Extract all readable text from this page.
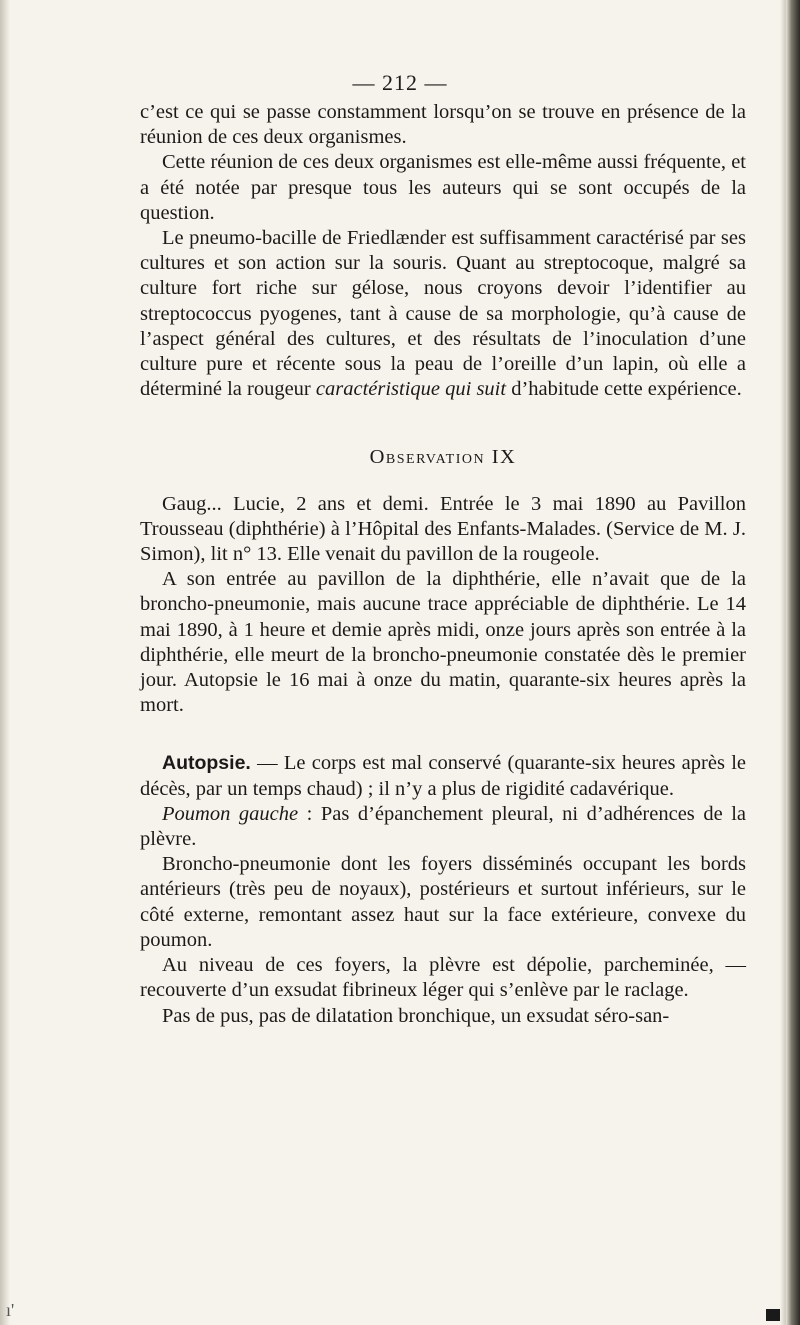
— 212 —

c’est ce qui se passe constamment lorsqu’on se trouve en présence de la réunion de ces deux organismes.

Cette réunion de ces deux organismes est elle-même aussi fréquente, et a été notée par presque tous les auteurs qui se sont occupés de la question.

Le pneumo-bacille de Friedlænder est suffisamment caractérisé par ses cultures et son action sur la souris. Quant au streptocoque, malgré sa culture fort riche sur gélose, nous croyons devoir l’identifier au streptococcus pyogenes, tant à cause de sa morphologie, qu’à cause de l’aspect général des cultures, et des résultats de l’inoculation d’une culture pure et récente sous la peau de l’oreille d’un lapin, où elle a déterminé la rougeur caractéristique qui suit d’habitude cette expérience.

Observation IX

Gaug... Lucie, 2 ans et demi. Entrée le 3 mai 1890 au Pavillon Trousseau (diphthérie) à l’Hôpital des Enfants-Malades. (Service de M. J. Simon), lit n° 13. Elle venait du pavillon de la rougeole.

A son entrée au pavillon de la diphthérie, elle n’avait que de la broncho-pneumonie, mais aucune trace appréciable de diphthérie. Le 14 mai 1890, à 1 heure et demie après midi, onze jours après son entrée à la diphthérie, elle meurt de la broncho-pneumonie constatée dès le premier jour. Autopsie le 16 mai à onze du matin, quarante-six heures après la mort.

Autopsie. — Le corps est mal conservé (quarante-six heures après le décès, par un temps chaud) ; il n’y a plus de rigidité cadavérique.

Poumon gauche : Pas d’épanchement pleural, ni d’adhérences de la plèvre.

Broncho-pneumonie dont les foyers disséminés occupant les bords antérieurs (très peu de noyaux), postérieurs et surtout inférieurs, sur le côté externe, remontant assez haut sur la face extérieure, convexe du poumon.

Au niveau de ces foyers, la plèvre est dépolie, parcheminée, — recouverte d’un exsudat fibrineux léger qui s’enlève par le raclage.

Pas de pus, pas de dilatation bronchique, un exsudat séro-san-

ı'
